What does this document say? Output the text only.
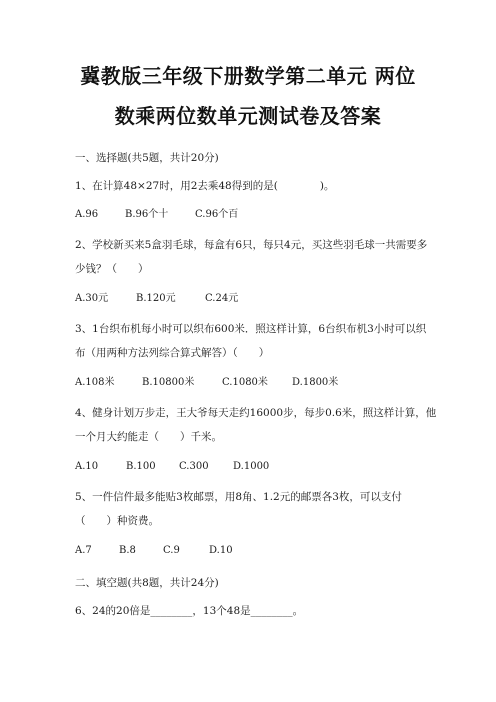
冀教版三年级下册数学第二单元 两位
数乘两位数单元测试卷及答案
一、选择题(共5题，共计20分)
1、在计算48×27时，用2去乘48得到的是(　　　　)。
A.96	B.96个十	C.96个百
2、学校新买来5盒羽毛球，每盒有6只，每只4元，买这些羽毛球一共需要多
少钱？（　　）
A.30元	B.120元	C.24元
3、1台织布机每小时可以织布600米．照这样计算，6台织布机3小时可以织
布（用两种方法列综合算式解答）（　　）
A.108米	B.10800米	C.1080米 D.1800米
4、健身计划万步走，王大爷每天走约16000步，每步0.6米，照这样计算，他
一个月大约能走（　　）千米。
A.10	B.100 C.300 D.1000
5、一件信件最多能贴3枚邮票，用8角、1.2元的邮票各3枚，可以支付
（　　）种资费。
A.7	B.8	C.9	D.10
二、填空题(共8题，共计24分)
6、24的20倍是________，13个48是________。
